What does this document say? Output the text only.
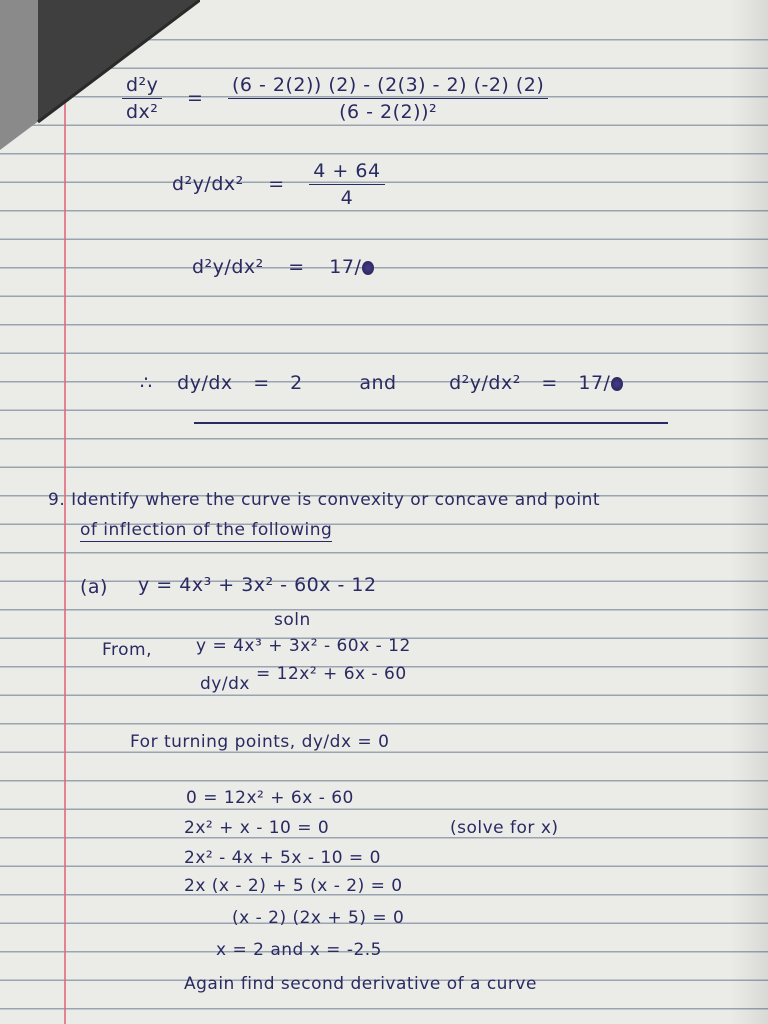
$\frac{\text{d²y}}{\text{dx²}} = \frac{(6 - 2(2)) (2) - (2(3) - 2) (-2) (2)}{\text{(6 - 2(2))²}}$
$d^2y/dx^2 = \frac{4 + 64}{4}$
d²y/dx² = 17/
∴ dy/dx = 2	and	d²y/dx² = 17/
9. Identify where the curve is convexity or concave and point
of inflection of the following
(a) y = 4x³ + 3x² - 60x - 12
soln
From,	y = 4x³ + 3x² - 60x - 12
dy/dx = 12x² + 6x - 60
For turning points, dy/dx = 0
0 = 12x² + 6x - 60
2x² + x - 10 = 0	(solve for x)
2x² - 4x + 5x - 10 = 0
2x (x - 2) + 5 (x - 2) = 0
(x - 2) (2x + 5) = 0
x = 2 and x = -2.5
Again find second derivative of a curve
